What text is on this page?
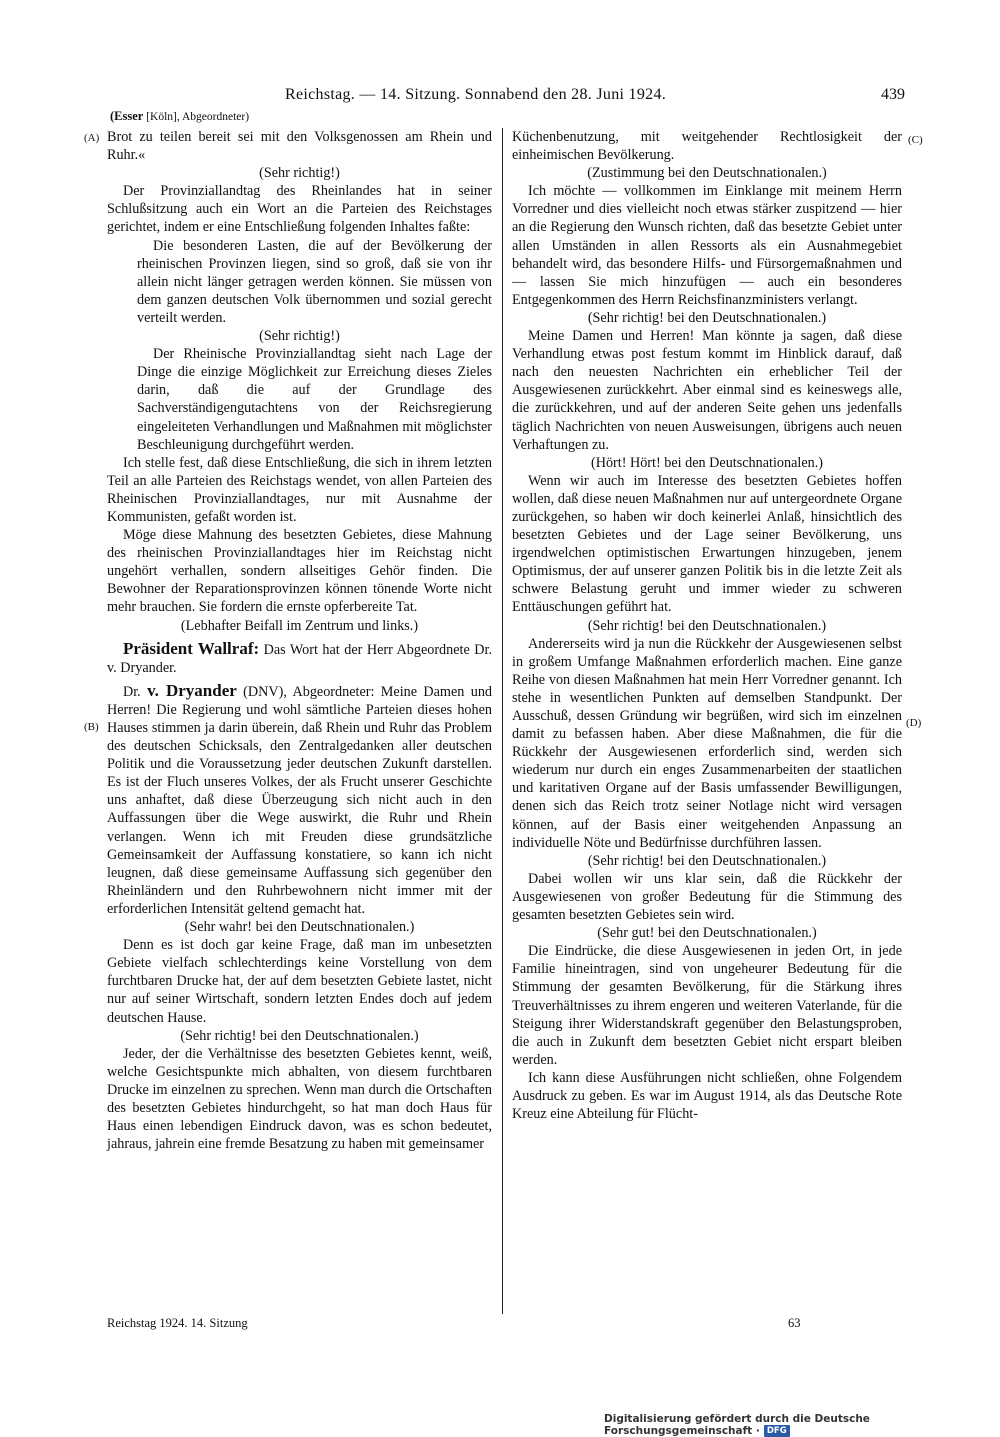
Reichstag. — 14. Sitzung. Sonnabend den 28. Juni 1924.	439
(Esser [Köln], Abgeordneter)
(A)
(B)
(C)
(D)

Brot zu teilen bereit sei mit den Volksgenossen am Rhein und Ruhr.«

(Sehr richtig!)

Der Provinziallandtag des Rheinlandes hat in seiner Schlußsitzung auch ein Wort an die Parteien des Reichstages gerichtet, indem er eine Entschließung folgenden Inhaltes faßte:

Die besonderen Lasten, die auf der Bevölkerung der rheinischen Provinzen liegen, sind so groß, daß sie von ihr allein nicht länger getragen werden können. Sie müssen von dem ganzen deutschen Volk übernommen und sozial gerecht verteilt werden.

(Sehr richtig!)

Der Rheinische Provinziallandtag sieht nach Lage der Dinge die einzige Möglichkeit zur Erreichung dieses Zieles darin, daß die auf der Grundlage des Sachverständigengutachtens von der Reichsregierung eingeleiteten Verhandlungen und Maßnahmen mit möglichster Beschleunigung durchgeführt werden.

Ich stelle fest, daß diese Entschließung, die sich in ihrem letzten Teil an alle Parteien des Reichstags wendet, von allen Parteien des Rheinischen Provinziallandtages, nur mit Ausnahme der Kommunisten, gefaßt worden ist.

Möge diese Mahnung des besetzten Gebietes, diese Mahnung des rheinischen Provinziallandtages hier im Reichstag nicht ungehört verhallen, sondern allseitiges Gehör finden. Die Bewohner der Reparationsprovinzen können tönende Worte nicht mehr brauchen. Sie fordern die ernste opferbereite Tat.

(Lebhafter Beifall im Zentrum und links.)

Präsident Wallraf: Das Wort hat der Herr Abgeordnete Dr. v. Dryander.

Dr. v. Dryander (DNV), Abgeordneter: Meine Damen und Herren! Die Regierung und wohl sämtliche Parteien dieses hohen Hauses stimmen ja darin überein, daß Rhein und Ruhr das Problem des deutschen Schicksals, den Zentralgedanken aller deutschen Politik und die Voraussetzung jeder deutschen Zukunft darstellen. Es ist der Fluch unseres Volkes, der als Frucht unserer Geschichte uns anhaftet, daß diese Überzeugung sich nicht auch in den Auffassungen über die Wege auswirkt, die Ruhr und Rhein verlangen. Wenn ich mit Freuden diese grundsätzliche Gemeinsamkeit der Auffassung konstatiere, so kann ich nicht leugnen, daß diese gemeinsame Auffassung sich gegenüber den Rheinländern und den Ruhrbewohnern nicht immer mit der erforderlichen Intensität geltend gemacht hat.

(Sehr wahr! bei den Deutschnationalen.)

Denn es ist doch gar keine Frage, daß man im unbesetzten Gebiete vielfach schlechterdings keine Vorstellung von dem furchtbaren Drucke hat, der auf dem besetzten Gebiete lastet, nicht nur auf seiner Wirtschaft, sondern letzten Endes doch auf jedem deutschen Hause.

(Sehr richtig! bei den Deutschnationalen.)

Jeder, der die Verhältnisse des besetzten Gebietes kennt, weiß, welche Gesichtspunkte mich abhalten, von diesem furchtbaren Drucke im einzelnen zu sprechen. Wenn man durch die Ortschaften des besetzten Gebietes hindurchgeht, so hat man doch Haus für Haus einen lebendigen Eindruck davon, was es schon bedeutet, jahraus, jahrein eine fremde Besatzung zu haben mit gemeinsamer

Küchenbenutzung, mit weitgehender Rechtlosigkeit der einheimischen Bevölkerung.

(Zustimmung bei den Deutschnationalen.)

Ich möchte — vollkommen im Einklange mit meinem Herrn Vorredner und dies vielleicht noch etwas stärker zuspitzend — hier an die Regierung den Wunsch richten, daß das besetzte Gebiet unter allen Umständen in allen Ressorts als ein Ausnahmegebiet behandelt wird, das besondere Hilfs- und Fürsorgemaßnahmen und — lassen Sie mich hinzufügen — auch ein besonderes Entgegenkommen des Herrn Reichsfinanzministers verlangt.

(Sehr richtig! bei den Deutschnationalen.)

Meine Damen und Herren! Man könnte ja sagen, daß diese Verhandlung etwas post festum kommt im Hinblick darauf, daß nach den neuesten Nachrichten ein erheblicher Teil der Ausgewiesenen zurückkehrt. Aber einmal sind es keineswegs alle, die zurückkehren, und auf der anderen Seite gehen uns jedenfalls täglich Nachrichten von neuen Ausweisungen, übrigens auch neuen Verhaftungen zu.

(Hört! Hört! bei den Deutschnationalen.)

Wenn wir auch im Interesse des besetzten Gebietes hoffen wollen, daß diese neuen Maßnahmen nur auf untergeordnete Organe zurückgehen, so haben wir doch keinerlei Anlaß, hinsichtlich des besetzten Gebietes und der Lage seiner Bevölkerung, uns irgendwelchen optimistischen Erwartungen hinzugeben, jenem Optimismus, der auf unserer ganzen Politik bis in die letzte Zeit als schwere Belastung geruht und immer wieder zu schweren Enttäuschungen geführt hat.

(Sehr richtig! bei den Deutschnationalen.)

Andererseits wird ja nun die Rückkehr der Ausgewiesenen selbst in großem Umfange Maßnahmen erforderlich machen. Eine ganze Reihe von diesen Maßnahmen hat mein Herr Vorredner genannt. Ich stehe in wesentlichen Punkten auf demselben Standpunkt. Der Ausschuß, dessen Gründung wir begrüßen, wird sich im einzelnen damit zu befassen haben. Aber diese Maßnahmen, die für die Rückkehr der Ausgewiesenen erforderlich sind, werden sich wiederum nur durch ein enges Zusammenarbeiten der staatlichen und karitativen Organe auf der Basis umfassender Bewilligungen, denen sich das Reich trotz seiner Notlage nicht wird versagen können, auf der Basis einer weitgehenden Anpassung an individuelle Nöte und Bedürfnisse durchführen lassen.

(Sehr richtig! bei den Deutschnationalen.)

Dabei wollen wir uns klar sein, daß die Rückkehr der Ausgewiesenen von großer Bedeutung für die Stimmung des gesamten besetzten Gebietes sein wird.

(Sehr gut! bei den Deutschnationalen.)

Die Eindrücke, die diese Ausgewiesenen in jeden Ort, in jede Familie hineintragen, sind von ungeheurer Bedeutung für die Stimmung der gesamten Bevölkerung, für die Stärkung ihres Treuverhältnisses zu ihrem engeren und weiteren Vaterlande, für die Steigung ihrer Widerstandskraft gegenüber den Belastungsproben, die auch in Zukunft dem besetzten Gebiet nicht erspart bleiben werden.

Ich kann diese Ausführungen nicht schließen, ohne Folgendem Ausdruck zu geben. Es war im August 1914, als das Deutsche Rote Kreuz eine Abteilung für Flücht-

Reichstag 1924. 14. Sitzung	63
Digitalisierung gefördert durch die Deutsche Forschungsgemeinschaft · DFG
